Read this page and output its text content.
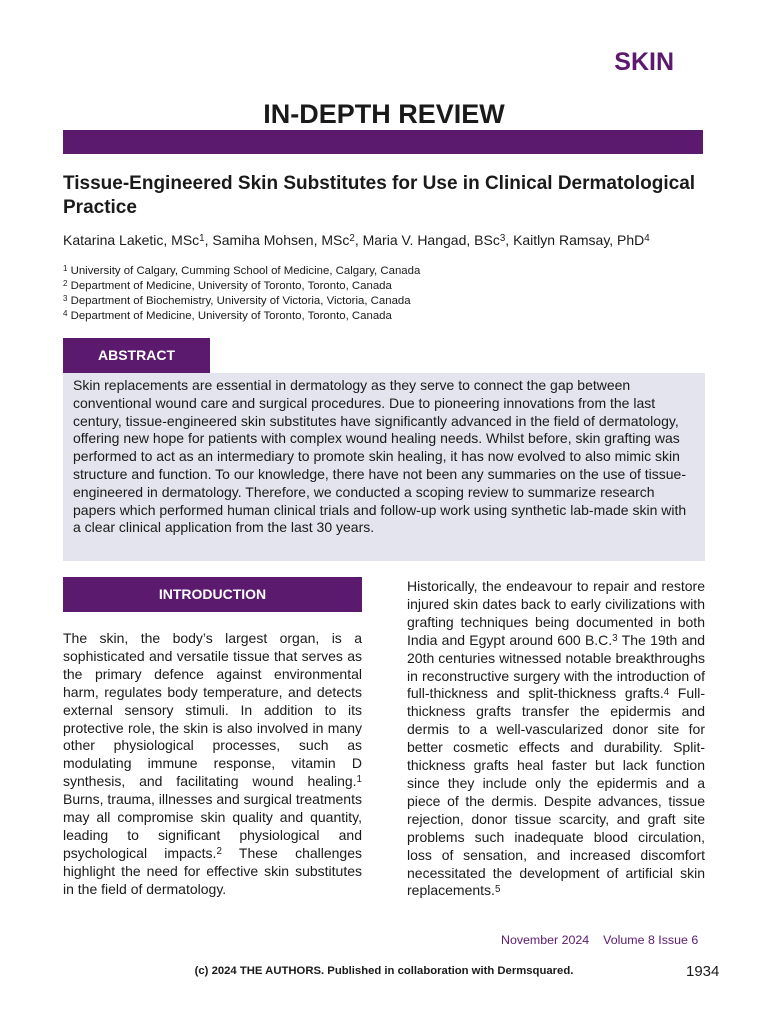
SKIN
IN-DEPTH REVIEW
Tissue-Engineered Skin Substitutes for Use in Clinical Dermatological Practice
Katarina Laketic, MSc$^1$, Samiha Mohsen, MSc$^2$, Maria V. Hangad, BSc$^3$, Kaitlyn Ramsay, PhD$^4$
$^1$ University of Calgary, Cumming School of Medicine, Calgary, Canada
$^2$ Department of Medicine, University of Toronto, Toronto, Canada
$^3$ Department of Biochemistry, University of Victoria, Victoria, Canada
$^4$ Department of Medicine, University of Toronto, Toronto, Canada
ABSTRACT
Skin replacements are essential in dermatology as they serve to connect the gap between conventional wound care and surgical procedures. Due to pioneering innovations from the last century, tissue-engineered skin substitutes have significantly advanced in the field of dermatology, offering new hope for patients with complex wound healing needs. Whilst before, skin grafting was performed to act as an intermediary to promote skin healing, it has now evolved to also mimic skin structure and function. To our knowledge, there have not been any summaries on the use of tissue-engineered in dermatology. Therefore, we conducted a scoping review to summarize research papers which performed human clinical trials and follow-up work using synthetic lab-made skin with a clear clinical application from the last 30 years.
INTRODUCTION
The skin, the body’s largest organ, is a sophisticated and versatile tissue that serves as the primary defence against environmental harm, regulates body temperature, and detects external sensory stimuli. In addition to its protective role, the skin is also involved in many other physiological processes, such as modulating immune response, vitamin D synthesis, and facilitating wound healing.$^1$ Burns, trauma, illnesses and surgical treatments may all compromise skin quality and quantity, leading to significant physiological and psychological impacts.$^2$ These challenges highlight the need for effective skin substitutes in the field of dermatology.
Historically, the endeavour to repair and restore injured skin dates back to early civilizations with grafting techniques being documented in both India and Egypt around 600 B.C.$^3$ The 19th and 20th centuries witnessed notable breakthroughs in reconstructive surgery with the introduction of full-thickness and split-thickness grafts.$^4$ Full-thickness grafts transfer the epidermis and dermis to a well-vascularized donor site for better cosmetic effects and durability. Split-thickness grafts heal faster but lack function since they include only the epidermis and a piece of the dermis. Despite advances, tissue rejection, donor tissue scarcity, and graft site problems such inadequate blood circulation, loss of sensation, and increased discomfort necessitated the development of artificial skin replacements.$^5$
November 2024 Volume 8 Issue 6
(c) 2024 THE AUTHORS. Published in collaboration with Dermsquared.	1934
